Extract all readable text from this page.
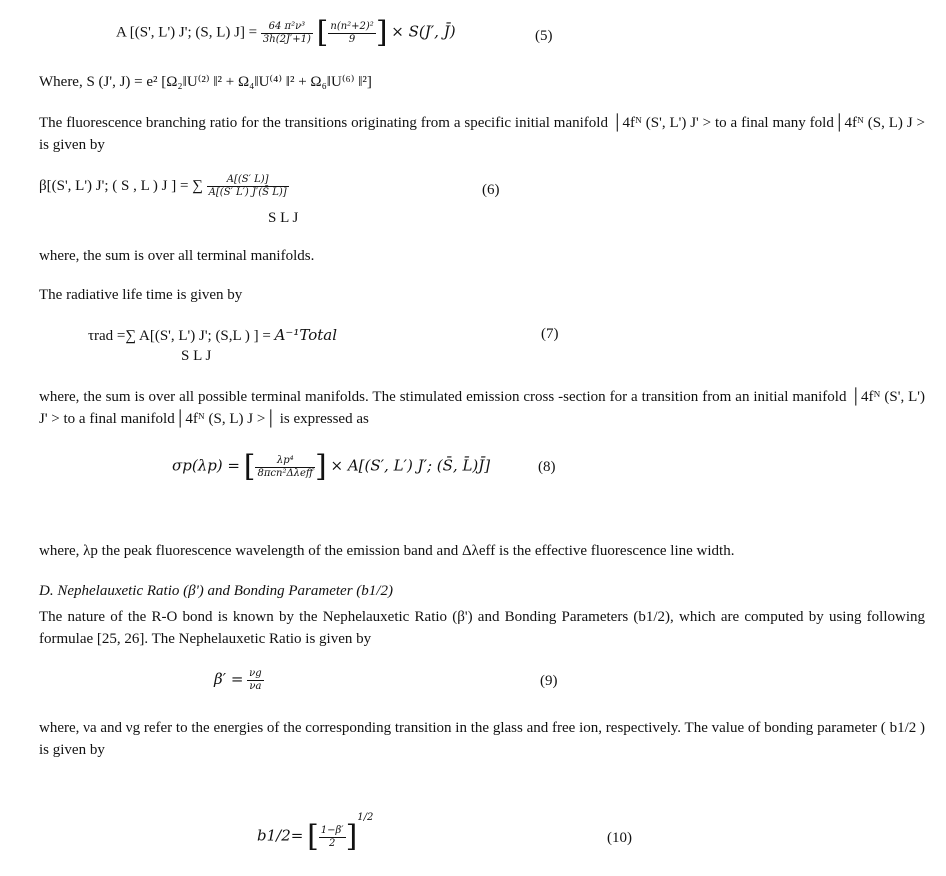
A [(S', L') J'; (S, L) $J] = \frac{\text{64 π²ν³}}{3h(2J'+1)}$ [ $\frac{\text{n(n²+2)²}}{9}$ ] × S(J′, J̄)	(5)
Where, S (J', J) = e² [Ω₂‖U⁽²⁾ ‖² + Ω₄‖U⁽⁴⁾ ‖² + Ω₆‖U⁽⁶⁾ ‖²]
The fluorescence branching ratio for the transitions originating from a specific initial manifold │4fᴺ (S', L') J' > to a final many fold│4fᴺ (S, L) J > is given by
β[(S', L') J'; ( S , L ) J ] = ∑ $\frac{A[(S' L)]}{A[(S' L') J'(S̄ L)]}$
S L J
(6)
where, the sum is over all terminal manifolds.
The radiative life time is given by
τrad =∑ A[(S', L') J'; (S,L ) ] = A⁻¹Total
S L J
(7)
where, the sum is over all possible terminal manifolds. The stimulated emission cross -section for a transition from an initial manifold │4fᴺ (S', L') J' > to a final manifold│4fᴺ (S, L) J >│ is expressed as
σp(λp) = [ $\frac{\text{λp⁴}}{\text{8πcn²Δλeff}}$ ] × A[(S′, L′) J′; (S̄, L̄)J̄]	(8)
where, λp the peak fluorescence wavelength of the emission band and Δλeff is the effective fluorescence line width.
D. Nephelauxetic Ratio (β') and Bonding Parameter (b1/2)
The nature of the R-O bond is known by the Nephelauxetic Ratio (β') and Bonding Parameters (b1/2), which are computed by using following formulae [25, 26]. The Nephelauxetic Ratio is given by
$\beta' = \frac{\nu g}{\nu a}$	(9)
where, νa and νg refer to the energies of the corresponding transition in the glass and free ion, respectively. The value of bonding parameter ( b1/2 ) is given by
b1/2= [ $\frac{1-\beta'}{2} ]^{1/2}$
(10)
